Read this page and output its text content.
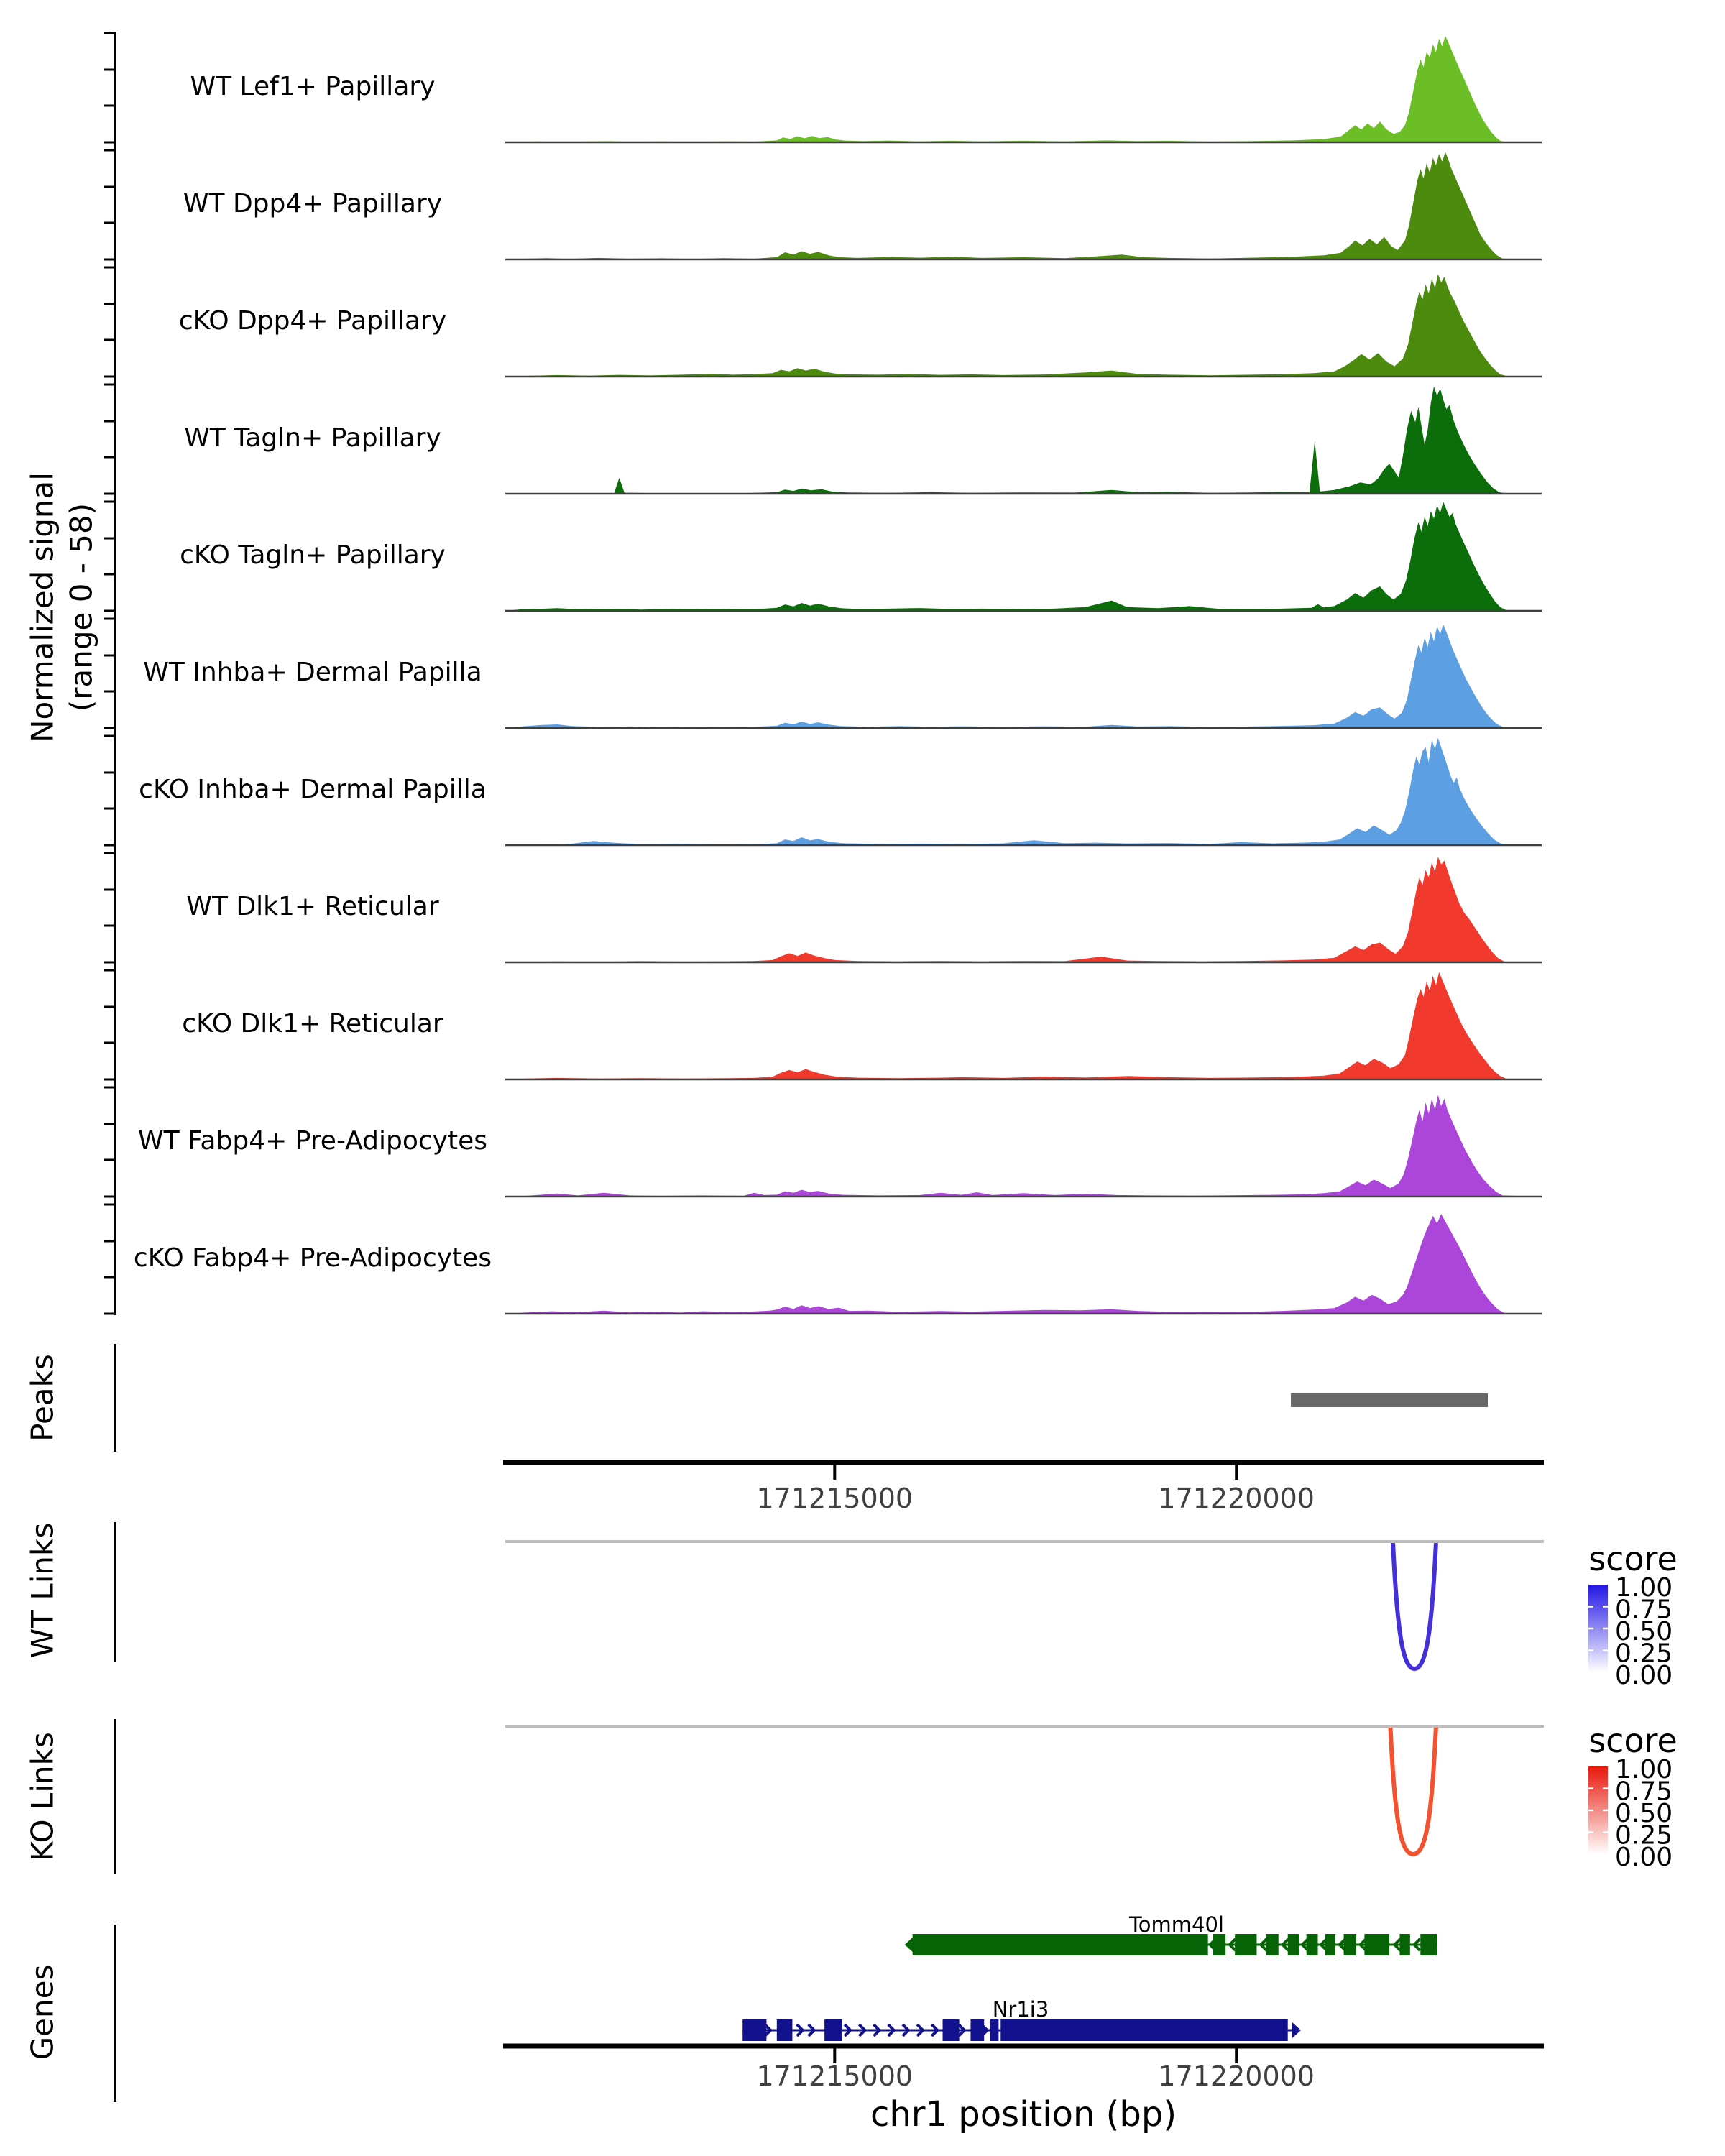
WT Lef1+ Papillary
WT Dpp4+ Papillary
cKO Dpp4+ Papillary
WT Tagln+ Papillary
cKO Tagln+ Papillary
WT Inhba+ Dermal Papilla
cKO Inhba+ Dermal Papilla
WT Dlk1+ Reticular
cKO Dlk1+ Reticular
WT Fabp4+ Pre-Adipocytes
cKO Fabp4+ Pre-Adipocytes
Normalized signal (range 0 - 58)
Peaks
WT Links
KO Links
Genes
171215000	171220000
171215000	171220000
chr1 position (bp)
score
1.00
0.75
0.50
0.25
0.00
score
1.00
0.75
0.50
0.25
0.00
Tomm40l
Nr1i3
